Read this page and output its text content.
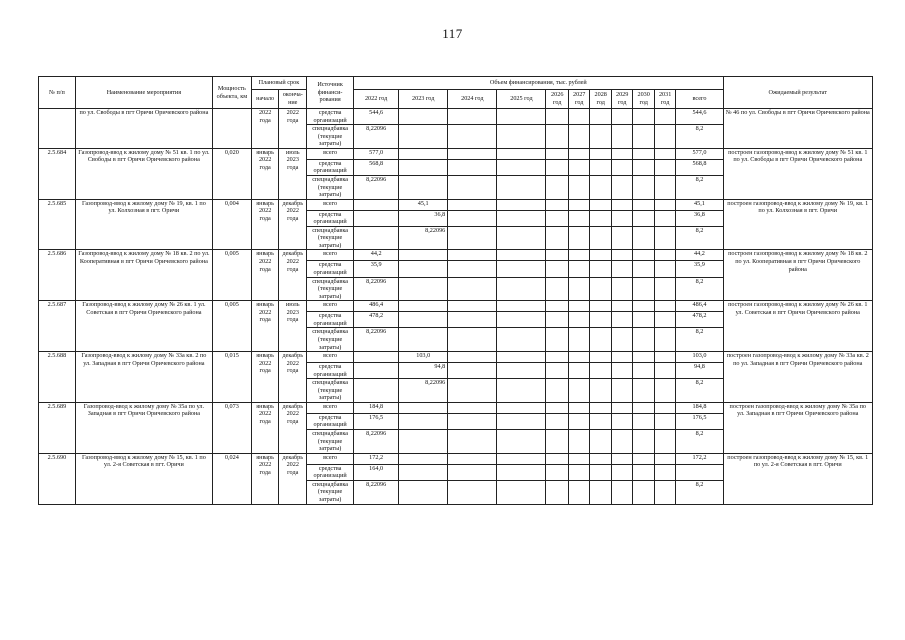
117
№ п/п	Наименование мероприятия	Мощность объекта, км	Плановый срок		Источник финанси-рования	Объем финансирования, тыс. рублей											Ожидаемый результат
			начало	оконча-ние		2022 год	2023 год	2024 год	2025 год	2026 год	2027 год	2028 год	2029 год	2030 год	2031 год	всего	
	по ул. Свободы в пгт Оричи Оричевского района		2022 года	2022 года	средства организаций	544,6										544,6	№ 46 по ул. Свободы в пгт Оричи Оричевского района
					спецнадбавка (текущие затраты)	8,22096										8,2	
2.5.684	Газопровод-ввод к жилому дому № 51 кв. 1 по ул. Свободы в пгт Оричи Оричевского района	0,020	январь 2022 года	июль 2023 года	всего	577,0										577,0	построен газопровод-ввод к жилому дому № 51 кв. 1 по ул. Свободы в пгт Оричи Оричевского района
					средства организаций	568,8										568,8	
					спецнадбавка (текущие затраты)	8,22096										8,2	
2.5.685	Газопровод-ввод к жилому дому № 19, кв. 1 по ул. Колхозная в пгт. Оричи	0,004	январь 2022 года	декабрь 2022 года	всего		45,1									45,1	построен газопровод-ввод к жилому дому № 19, кв. 1 по ул. Колхозная в пгт. Оричи
					средства организаций		36,8									36,8	
					спецнадбавка (текущие затраты)		8,22096									8,2	
2.5.686	Газопровод-ввод к жилому дому № 18 кв. 2 по ул. Кооперативная в пгт Оричи Оричевского района	0,005	январь 2022 года	декабрь 2022 года	всего	44,2										44,2	построен газопровод-ввод к жилому дому № 18 кв. 2 по ул. Кооперативная в пгт Оричи Оричевского района
					средства организаций	35,9										35,9	
					спецнадбавка (текущие затраты)	8,22096										8,2	
2.5.687	Газопровод-ввод к жилому дому № 26 кв. 1 ул. Советская в пгт Оричи Оричевского района	0,005	январь 2022 года	июль 2023 года	всего	486,4										486,4	построен газопровод-ввод к жилому дому № 26 кв. 1 ул. Советская в пгт Оричи Оричевского района
					средства организаций	478,2										478,2	
					спецнадбавка (текущие затраты)	8,22096										8,2	
2.5.688	Газопровод-ввод к жилому дому № 33а кв. 2 по ул. Западная в пгт Оричи Оричевского района	0,015	январь 2022 года	декабрь 2022 года	всего		103,0									103,0	построен газопровод-ввод к жилому дому № 33а кв. 2 по ул. Западная в пгт Оричи Оричевского района
					средства организаций		94,8									94,8	
					спецнадбавка (текущие затраты)		8,22096									8,2	
2.5.689	Газопровод-ввод к жилому дому № 35а по ул. Западная в пгт Оричи Оричевского района	0,073	январь 2022 года	декабрь 2022 года	всего	184,8										184,8	построен газопровод-ввод к жилому дому № 35а по ул. Западная в пгт Оричи Оричевского района
					средства организаций	176,5										176,5	
					спецнадбавка (текущие затраты)	8,22096										8,2	
2.5.690	Газопровод-ввод к жилому дому № 15, кв. 1 по ул. 2-я Советская в пгт. Оричи	0,024	январь 2022 года	декабрь 2022 года	всего	172,2										172,2	построен газопровод-ввод к жилому дому № 15, кв. 1 по ул. 2-я Советская в пгт. Оричи
					средства организаций	164,0											
					спецнадбавка (текущие затраты)	8,22096										8,2	
